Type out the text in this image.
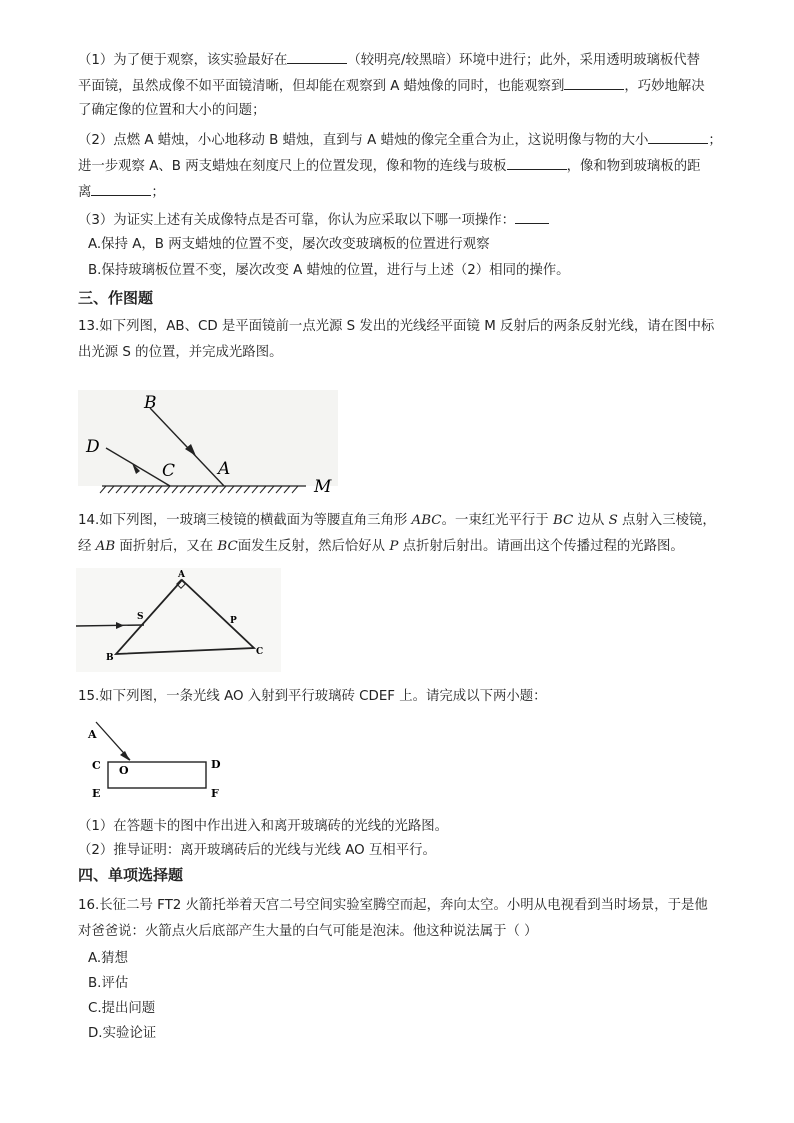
（1）为了便于观察，该实验最好在	（较明亮/较黑暗）环境中进行；此外，采用透明玻璃板代替
平面镜，虽然成像不如平面镜清晰，但却能在观察到 A 蜡烛像的同时，也能观察到	，巧妙地解决
了确定像的位置和大小的问题；
（2）点燃 A 蜡烛，小心地移动 B 蜡烛，直到与 A 蜡烛的像完全重合为止，这说明像与物的大小	；
进一步观察 A、B 两支蜡烛在刻度尺上的位置发现，像和物的连线与玻板	，像和物到玻璃板的距
离	；
（3）为证实上述有关成像特点是否可靠，你认为应采取以下哪一项操作：
A.保持 A，B 两支蜡烛的位置不变，屡次改变玻璃板的位置进行观察
B.保持玻璃板位置不变，屡次改变 A 蜡烛的位置，进行与上述（2）相同的操作。
三、作图题
13.如下列图，AB、CD 是平面镜前一点光源 S 发出的光线经平面镜 M 反射后的两条反射光线，请在图中标
出光源 S 的位置，并完成光路图。
B
D
C	A
M
14.如下列图，一玻璃三棱镜的横截面为等腰直角三角形 ABC。一束红光平行于 BC 边从 S 点射入三棱镜，
经 AB 面折射后，又在 BC面发生反射，然后恰好从 P 点折射后射出。请画出这个传播过程的光路图。
A
B
C
S	P
15.如下列图，一条光线 AO 入射到平行玻璃砖 CDEF 上。请完成以下两小题：
A
C O	D
E	F
（1）在答题卡的图中作出进入和离开玻璃砖的光线的光路图。
（2）推导证明：离开玻璃砖后的光线与光线 AO 互相平行。
四、单项选择题
16.长征二号 FT2 火箭托举着天宫二号空间实验室腾空而起，奔向太空。小明从电视看到当时场景，于是他
对爸爸说：火箭点火后底部产生大量的白气可能是泡沫。他这种说法属于（ ）
A.猜想
B.评估
C.提出问题
D.实验论证
